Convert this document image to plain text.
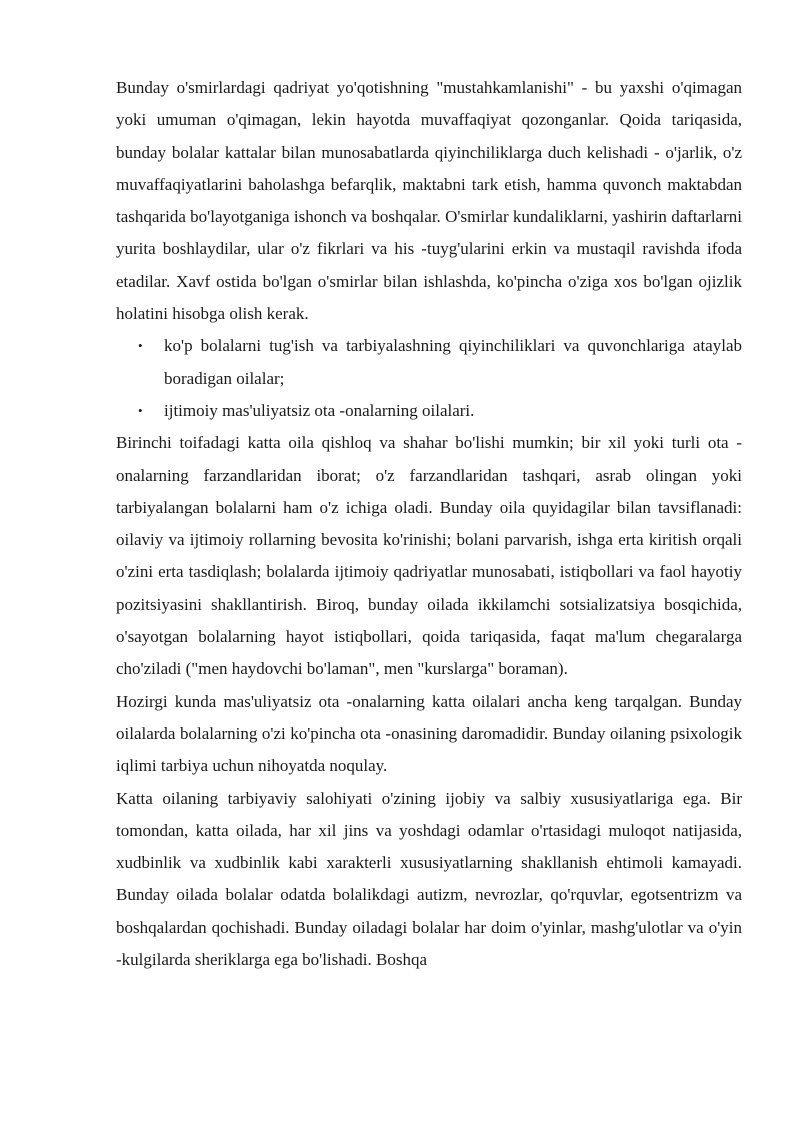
Bunday o'smirlardagi qadriyat yo'qotishning "mustahkamlanishi" - bu yaxshi o'qimagan yoki umuman o'qimagan, lekin hayotda muvaffaqiyat qozonganlar. Qoida tariqasida, bunday bolalar kattalar bilan munosabatlarda qiyinchiliklarga duch kelishadi - o'jarlik, o'z muvaffaqiyatlarini baholashga befarqlik, maktabni tark etish, hamma quvonch maktabdan tashqarida bo'layotganiga ishonch va boshqalar. O'smirlar kundaliklarni, yashirin daftarlarni yurita boshlaydilar, ular o'z fikrlari va his -tuyg'ularini erkin va mustaqil ravishda ifoda etadilar. Xavf ostida bo'lgan o'smirlar bilan ishlashda, ko'pincha o'ziga xos bo'lgan ojizlik holatini hisobga olish kerak.

• ko'p bolalarni tug'ish va tarbiyalashning qiyinchiliklari va quvonchlariga ataylab boradigan oilalar;
• ijtimoiy mas'uliyatsiz ota -onalarning oilalari.

Birinchi toifadagi katta oila qishloq va shahar bo'lishi mumkin; bir xil yoki turli ota -onalarning farzandlaridan iborat; o'z farzandlaridan tashqari, asrab olingan yoki tarbiyalangan bolalarni ham o'z ichiga oladi. Bunday oila quyidagilar bilan tavsiflanadi: oilaviy va ijtimoiy rollarning bevosita ko'rinishi; bolani parvarish, ishga erta kiritish orqali o'zini erta tasdiqlash; bolalarda ijtimoiy qadriyatlar munosabati, istiqbollari va faol hayotiy pozitsiyasini shakllantirish. Biroq, bunday oilada ikkilamchi sotsializatsiya bosqichida, o'sayotgan bolalarning hayot istiqbollari, qoida tariqasida, faqat ma'lum chegaralarga cho'ziladi ("men haydovchi bo'laman", men "kurslarga" boraman).

Hozirgi kunda mas'uliyatsiz ota -onalarning katta oilalari ancha keng tarqalgan. Bunday oilalarda bolalarning o'zi ko'pincha ota -onasining daromadidir. Bunday oilaning psixologik iqlimi tarbiya uchun nihoyatda noqulay.

Katta oilaning tarbiyaviy salohiyati o'zining ijobiy va salbiy xususiyatlariga ega. Bir tomondan, katta oilada, har xil jins va yoshdagi odamlar o'rtasidagi muloqot natijasida, xudbinlik va xudbinlik kabi xarakterli xususiyatlarning shakllanish ehtimoli kamayadi. Bunday oilada bolalar odatda bolalikdagi autizm, nevrozlar, qo'rquvlar, egotsentrizm va boshqalardan qochishadi. Bunday oiladagi bolalar har doim o'yinlar, mashg'ulotlar va o'yin -kulgilarda sheriklarga ega bo'lishadi. Boshqa
